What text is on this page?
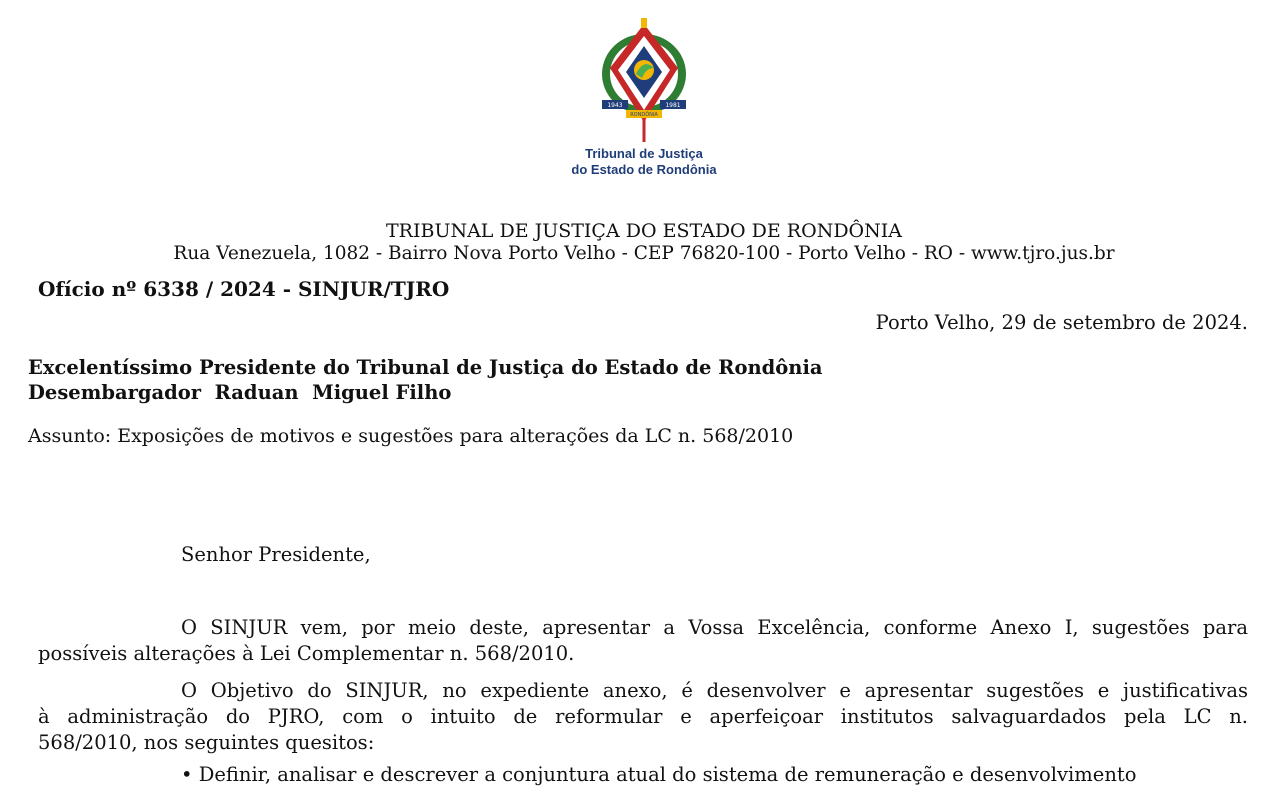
1943	1981
RONDÔNIA
Tribunal de Justiça
do Estado de Rondônia
TRIBUNAL DE JUSTIÇA DO ESTADO DE RONDÔNIA
Rua Venezuela, 1082 - Bairro Nova Porto Velho - CEP 76820-100 - Porto Velho - RO - www.tjro.jus.br
Ofício nº 6338 / 2024 - SINJUR/TJRO
Porto Velho, 29 de setembro de 2024.
Excelentíssimo Presidente do Tribunal de Justiça do Estado de Rondônia
Desembargador  Raduan  Miguel Filho
Assunto: Exposições de motivos e sugestões para alterações da LC n. 568/2010
Senhor Presidente,
O SINJUR vem, por meio deste, apresentar a Vossa Excelência, conforme Anexo I, sugestões para
possíveis alterações à Lei Complementar n. 568/2010.
O Objetivo do SINJUR, no expediente anexo, é desenvolver e apresentar sugestões e justificativas
à administração do PJRO, com o intuito de reformular e aperfeiçoar institutos salvaguardados pela LC n.
568/2010, nos seguintes quesitos:
• Definir, analisar e descrever a conjuntura atual do sistema de remuneração e desenvolvimento
